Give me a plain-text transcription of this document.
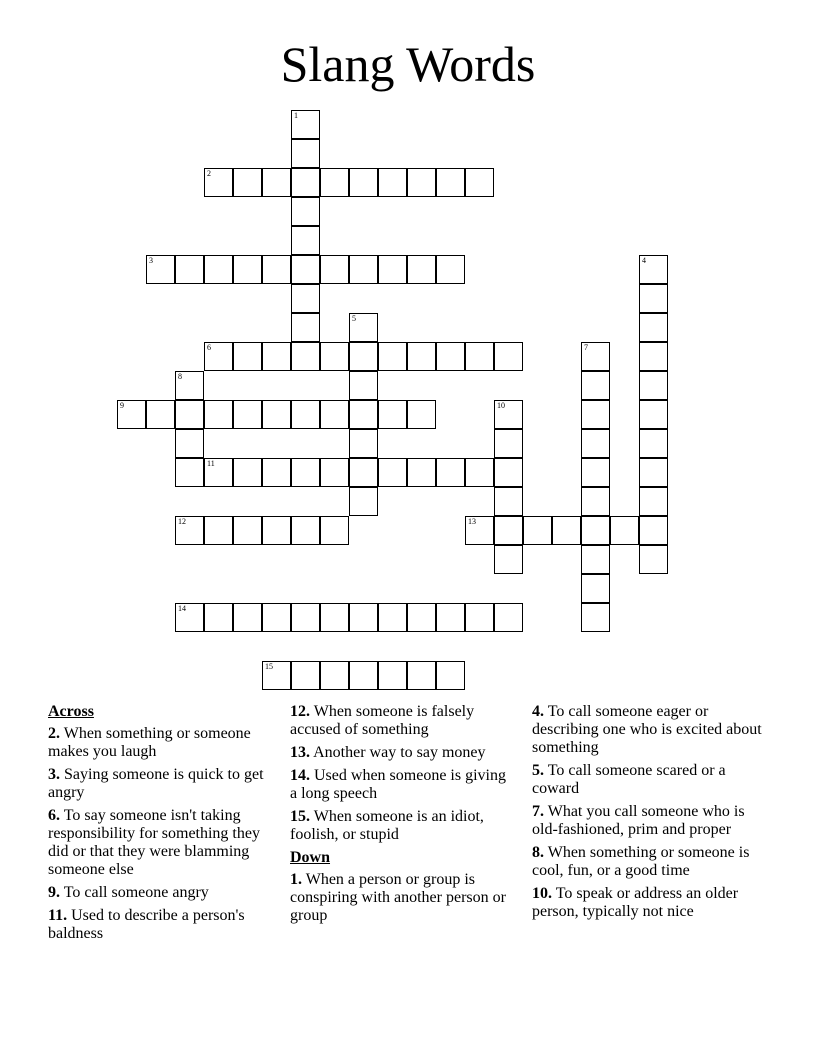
Slang Words
1
2
3	4
5
6	7
8
9	10
11
12	13
14
15
Across
2. When something or someone makes you laugh
3. Saying someone is quick to get angry
6. To say someone isn't taking responsibility for something they did or that they were blamming someone else
9. To call someone angry
11. Used to describe a person's baldness
12. When someone is falsely accused of something
13. Another way to say money
14. Used when someone is giving a long speech
15. When someone is an idiot, foolish, or stupid
Down
1. When a person or group is conspiring with another person or group
4. To call someone eager or describing one who is excited about something
5. To call someone scared or a coward
7. What you call someone who is old-fashioned, prim and proper
8. When something or someone is cool, fun, or a good time
10. To speak or address an older person, typically not nice
